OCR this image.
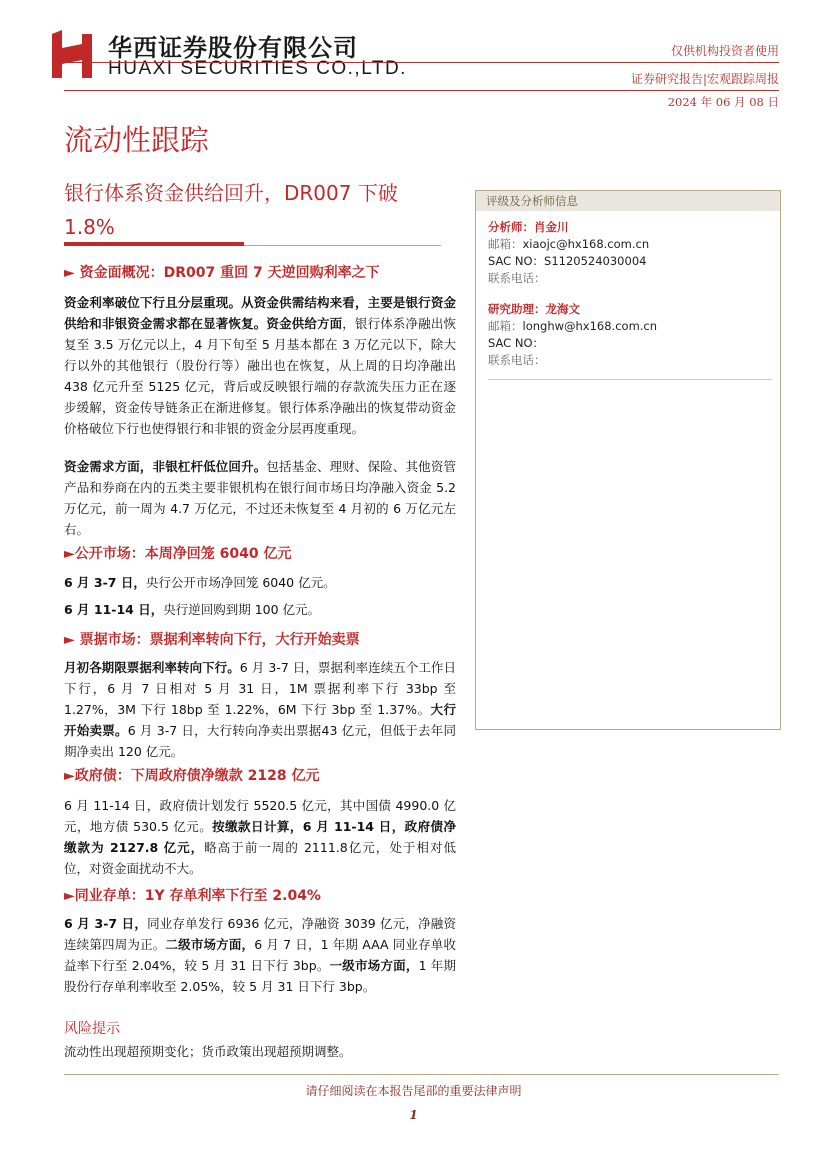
华西证券股份有限公司
HUAXI SECURITIES CO.,LTD.
仅供机构投资者使用
证券研究报告|宏观跟踪周报
2024 年 06 月 08 日
流动性跟踪
银行体系资金供给回升，DR007 下破 1.8%
► 资金面概况：DR007 重回 7 天逆回购利率之下
资金利率破位下行且分层重现。从资金供需结构来看，主要是银行资金供给和非银资金需求都在显著恢复。资金供给方面，银行体系净融出恢复至 3.5 万亿元以上，4 月下旬至 5 月基本都在 3 万亿元以下，除大行以外的其他银行（股份行等）融出也在恢复，从上周的日均净融出 438 亿元升至 5125 亿元，背后或反映银行端的存款流失压力正在逐步缓解，资金传导链条正在渐进修复。银行体系净融出的恢复带动资金价格破位下行也使得银行和非银的资金分层再度重现。
资金需求方面，非银杠杆低位回升。包括基金、理财、保险、其他资管产品和券商在内的五类主要非银机构在银行间市场日均净融入资金 5.2 万亿元，前一周为 4.7 万亿元，不过还未恢复至 4 月初的 6 万亿元左右。
►公开市场：本周净回笼 6040 亿元
6 月 3-7 日，央行公开市场净回笼 6040 亿元。
6 月 11-14 日，央行逆回购到期 100 亿元。
► 票据市场：票据利率转向下行，大行开始卖票
月初各期限票据利率转向下行。6 月 3-7 日，票据利率连续五个工作日下行，6 月 7 日相对 5 月 31 日，1M 票据利率下行 33bp 至 1.27%，3M 下行 18bp 至 1.22%，6M 下行 3bp 至 1.37%。大行开始卖票。6 月 3-7 日，大行转向净卖出票据43 亿元，但低于去年同期净卖出 120 亿元。
►政府债：下周政府债净缴款 2128 亿元
6 月 11-14 日，政府债计划发行 5520.5 亿元，其中国债 4990.0 亿元，地方债 530.5 亿元。按缴款日计算，6 月 11-14 日，政府债净缴款为 2127.8 亿元，略高于前一周的 2111.8亿元，处于相对低位，对资金面扰动不大。
►同业存单：1Y 存单利率下行至 2.04%
6 月 3-7 日，同业存单发行 6936 亿元，净融资 3039 亿元，净融资连续第四周为正。二级市场方面，6 月 7 日，1 年期 AAA 同业存单收益率下行至 2.04%，较 5 月 31 日下行 3bp。一级市场方面，1 年期股份行存单利率收至 2.05%，较 5 月 31 日下行 3bp。
风险提示
流动性出现超预期变化；货币政策出现超预期调整。
评级及分析师信息
分析师：肖金川
邮箱：xiaojc@hx168.com.cn
SAC NO：S1120524030004
联系电话：
研究助理：龙海文
邮箱：longhw@hx168.com.cn
SAC NO：
联系电话：
请仔细阅读在本报告尾部的重要法律声明
1
